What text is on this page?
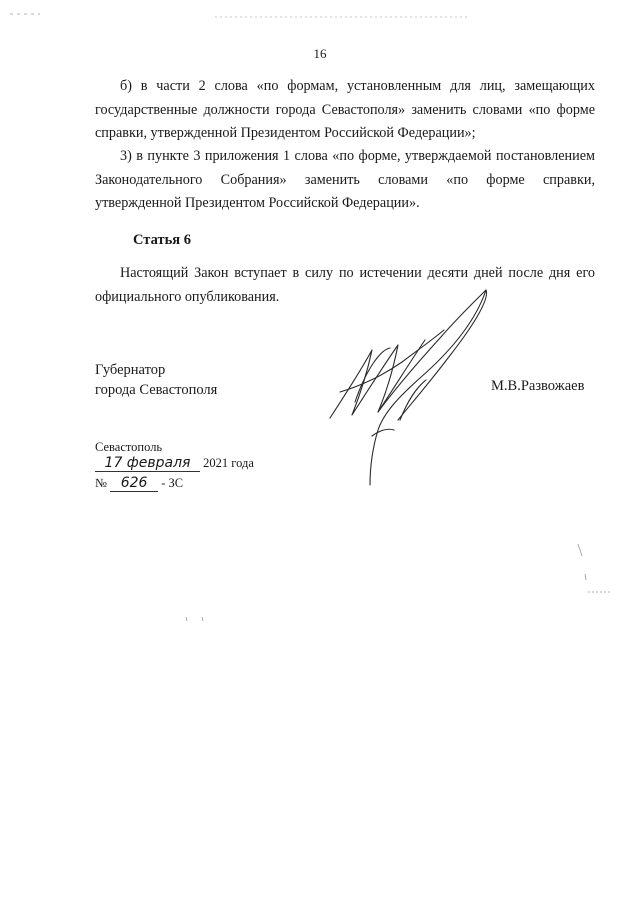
16

б) в части 2 слова «по формам, установленным для лиц, замещающих государственные должности города Севастополя» заменить словами «по форме справки, утвержденной Президентом Российской Федерации»;

3) в пункте 3 приложения 1 слова «по форме, утверждаемой постановлением Законодательного Собрания» заменить словами «по форме справки, утвержденной Президентом Российской Федерации».

Статья 6

Настоящий Закон вступает в силу по истечении десяти дней после дня его официального опубликования.

Губернатор
города Севастополя	М.В.Развожаев
Севастополь
17 февраля 2021 года
№ 626 - ЗС
